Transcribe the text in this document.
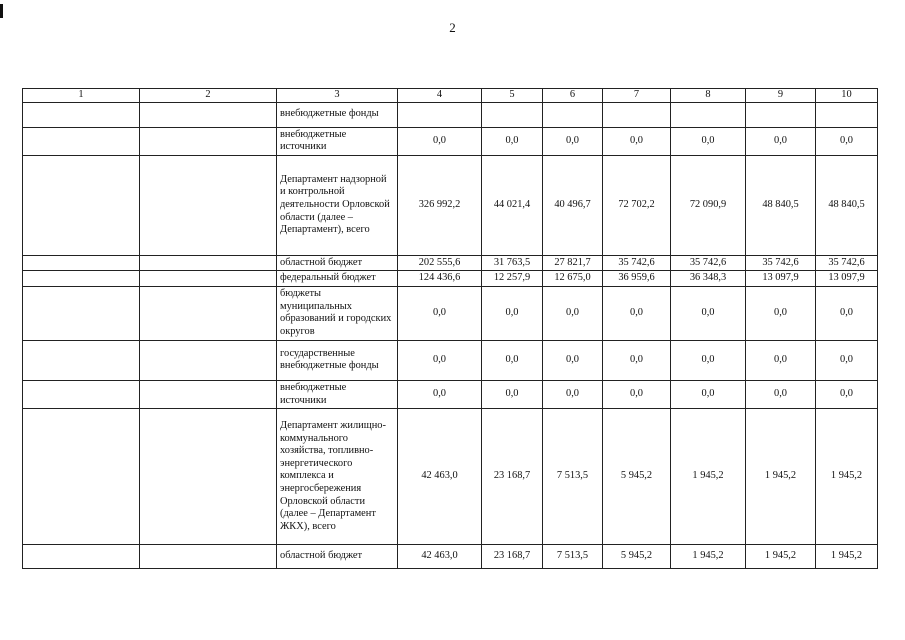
2
1	2	3	4	5	6	7	8	9	10
		внебюджетные фонды							
		внебюджетные источники	0,0	0,0	0,0	0,0	0,0	0,0	0,0
		Департамент надзорной и контрольной деятельности Орловской области (далее – Департамент), всего	326 992,2	44 021,4	40 496,7	72 702,2	72 090,9	48 840,5	48 840,5
		областной бюджет	202 555,6	31 763,5	27 821,7	35 742,6	35 742,6	35 742,6	35 742,6
		федеральный бюджет	124 436,6	12 257,9	12 675,0	36 959,6	36 348,3	13 097,9	13 097,9
		бюджеты муниципальных образований и городских округов	0,0	0,0	0,0	0,0	0,0	0,0	0,0
		государственные внебюджетные фонды	0,0	0,0	0,0	0,0	0,0	0,0	0,0
		внебюджетные источники	0,0	0,0	0,0	0,0	0,0	0,0	0,0
		Департамент жилищно-коммунального хозяйства, топливно-энергетического комплекса и энергосбережения Орловской области (далее – Департамент ЖКХ), всего	42 463,0	23 168,7	7 513,5	5 945,2	1 945,2	1 945,2	1 945,2
		областной бюджет	42 463,0	23 168,7	7 513,5	5 945,2	1 945,2	1 945,2	1 945,2
